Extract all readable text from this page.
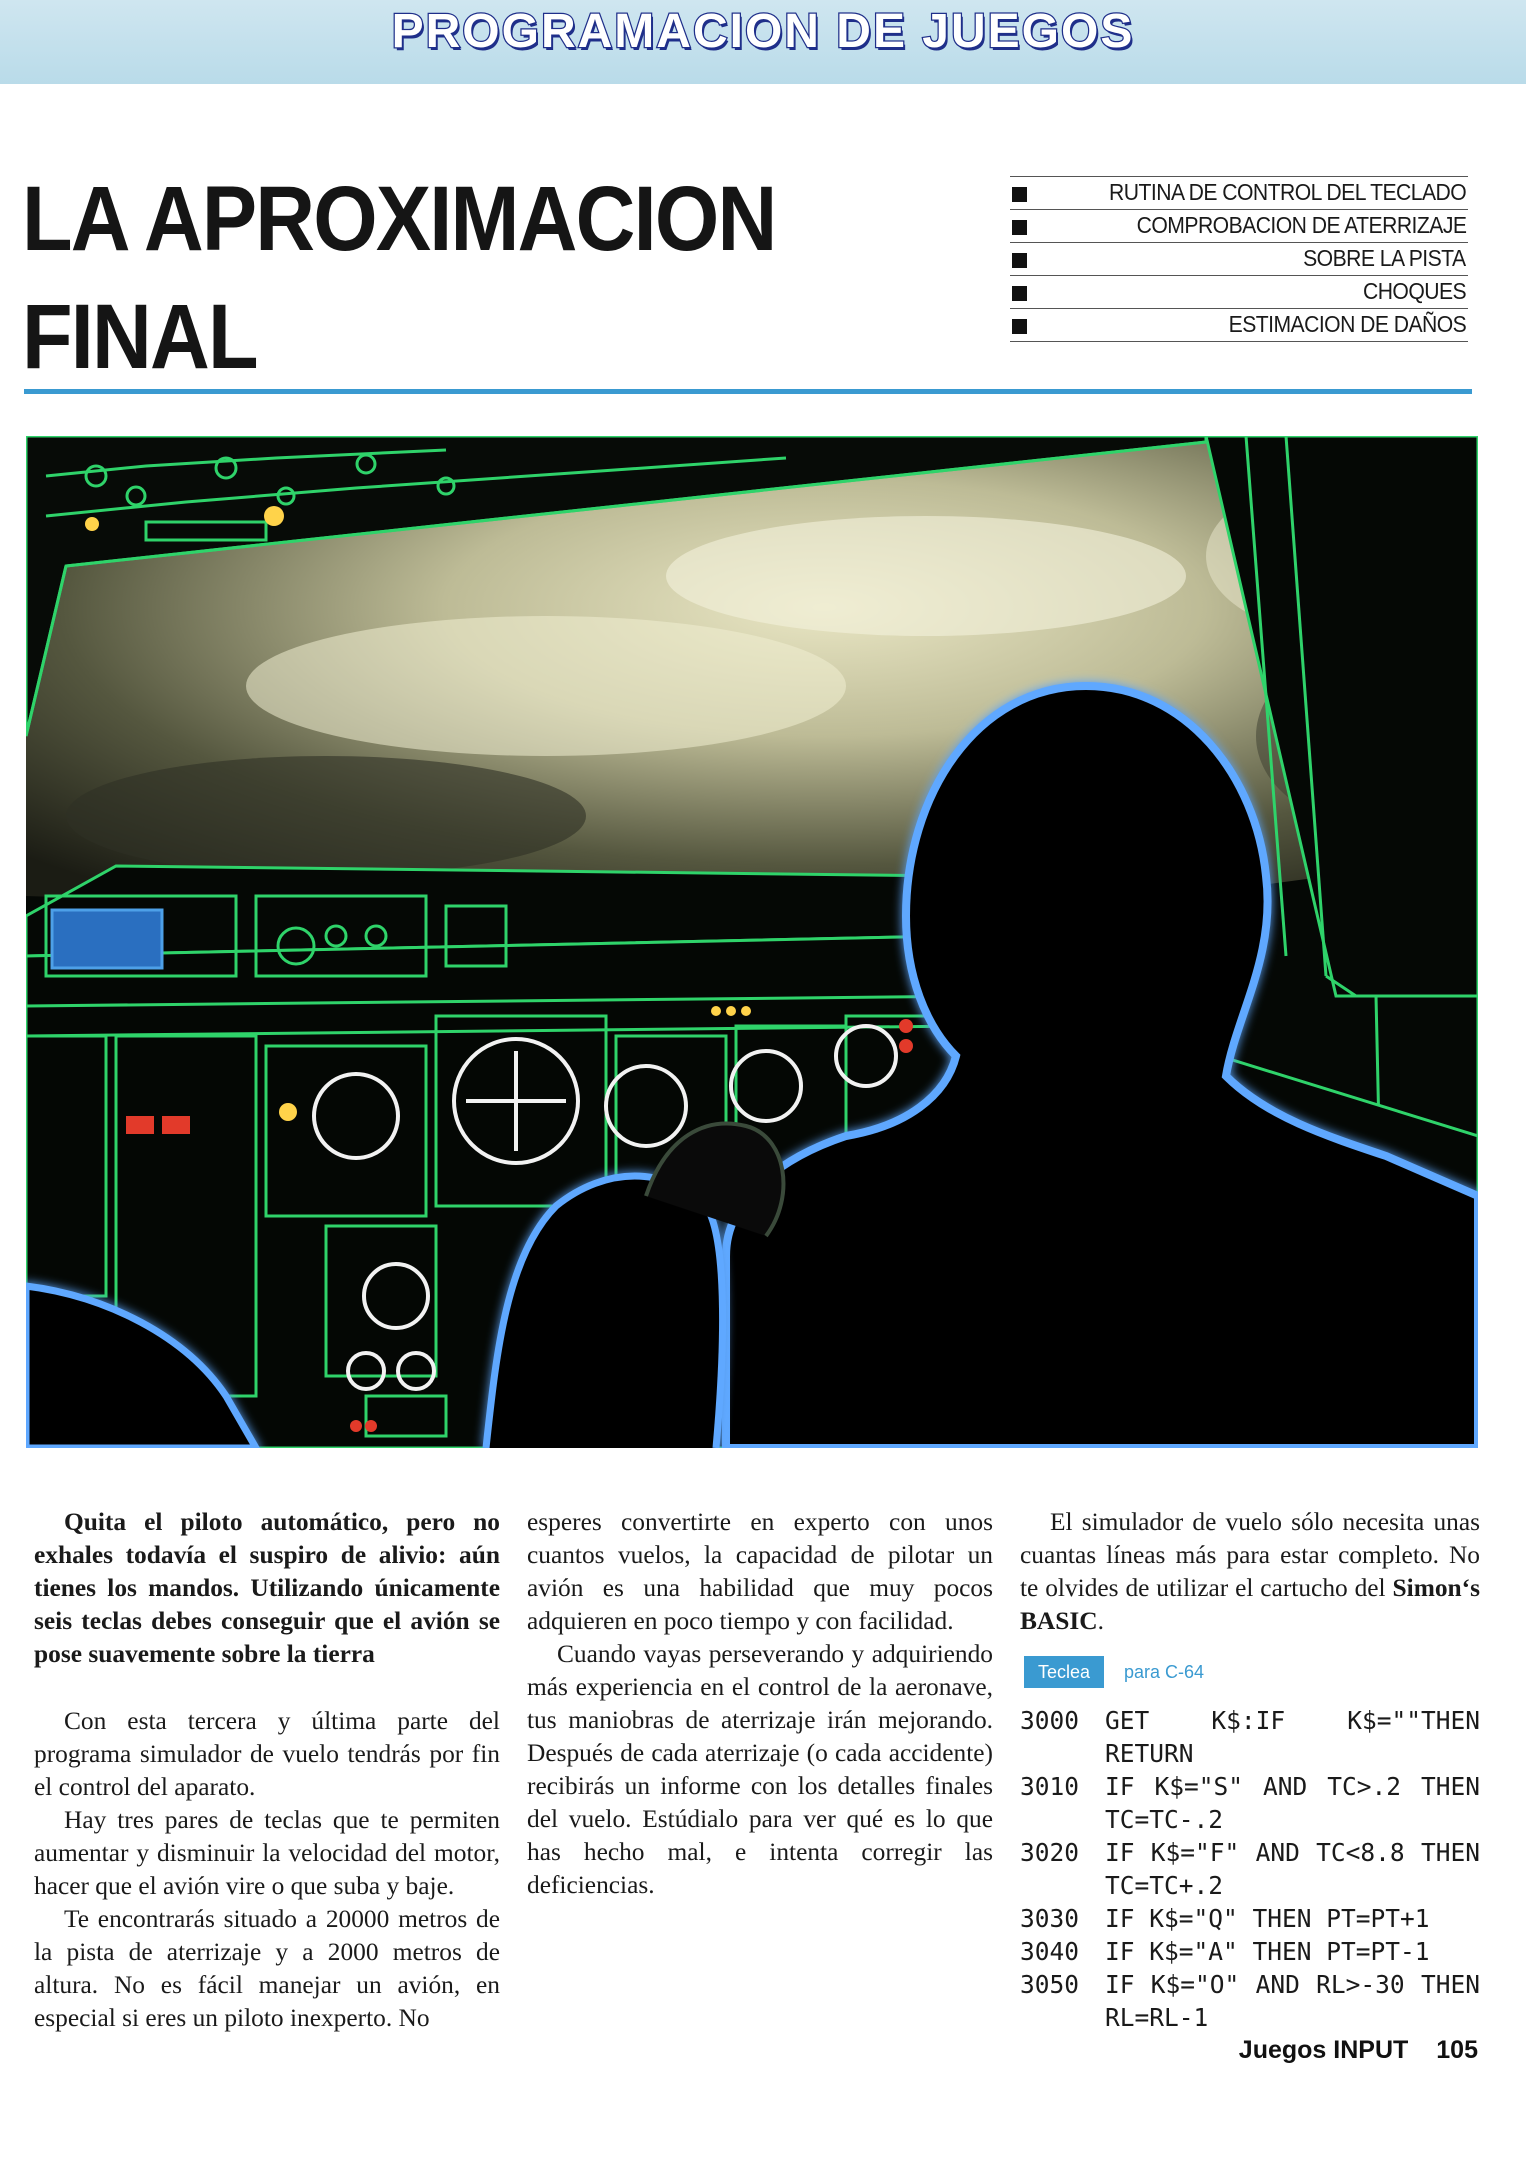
PROGRAMACION DE JUEGOS
LA APROXIMACION
FINAL
RUTINA DE CONTROL DEL TECLADO
COMPROBACION DE ATERRIZAJE
SOBRE LA PISTA
CHOQUES
ESTIMACION DE DAÑOS

Quita el piloto automático, pero no exhales todavía el suspiro de alivio: aún tienes los mandos. Utilizando únicamente seis teclas debes conseguir que el avión se pose suavemente sobre la tierra

Con esta tercera y última parte del programa simulador de vuelo tendrás por fin el control del aparato.

Hay tres pares de teclas que te permiten aumentar y disminuir la velocidad del motor, hacer que el avión vire o que suba y baje.

Te encontrarás situado a 20000 metros de la pista de aterrizaje y a 2000 metros de altura. No es fácil manejar un avión, en especial si eres un piloto inexperto. No

esperes convertirte en experto con unos cuantos vuelos, la capacidad de pilotar un avión es una habilidad que muy pocos adquieren en poco tiempo y con facilidad.

Cuando vayas perseverando y adquiriendo más experiencia en el control de la aeronave, tus maniobras de aterrizaje irán mejorando. Después de cada aterrizaje (o cada accidente) recibirás un informe con los detalles finales del vuelo. Estúdialo para ver qué es lo que has hecho mal, e intenta corregir las deficiencias.

El simulador de vuelo sólo necesita unas cuantas líneas más para estar completo. No te olvides de utilizar el cartucho del Simon‘s BASIC.

Teclea	para C-64
3000 GET K$:IF K$=""THEN RETURN
3010 IF K$="S" AND TC>.2 THEN TC=TC-.2
3020 IF K$="F" AND TC<8.8 THEN TC=TC+.2
3030 IF K$="Q" THEN PT=PT+1
3040 IF K$="A" THEN PT=PT-1
3050 IF K$="O" AND RL>-30 THEN RL=RL-1
Juegos INPUT 105
